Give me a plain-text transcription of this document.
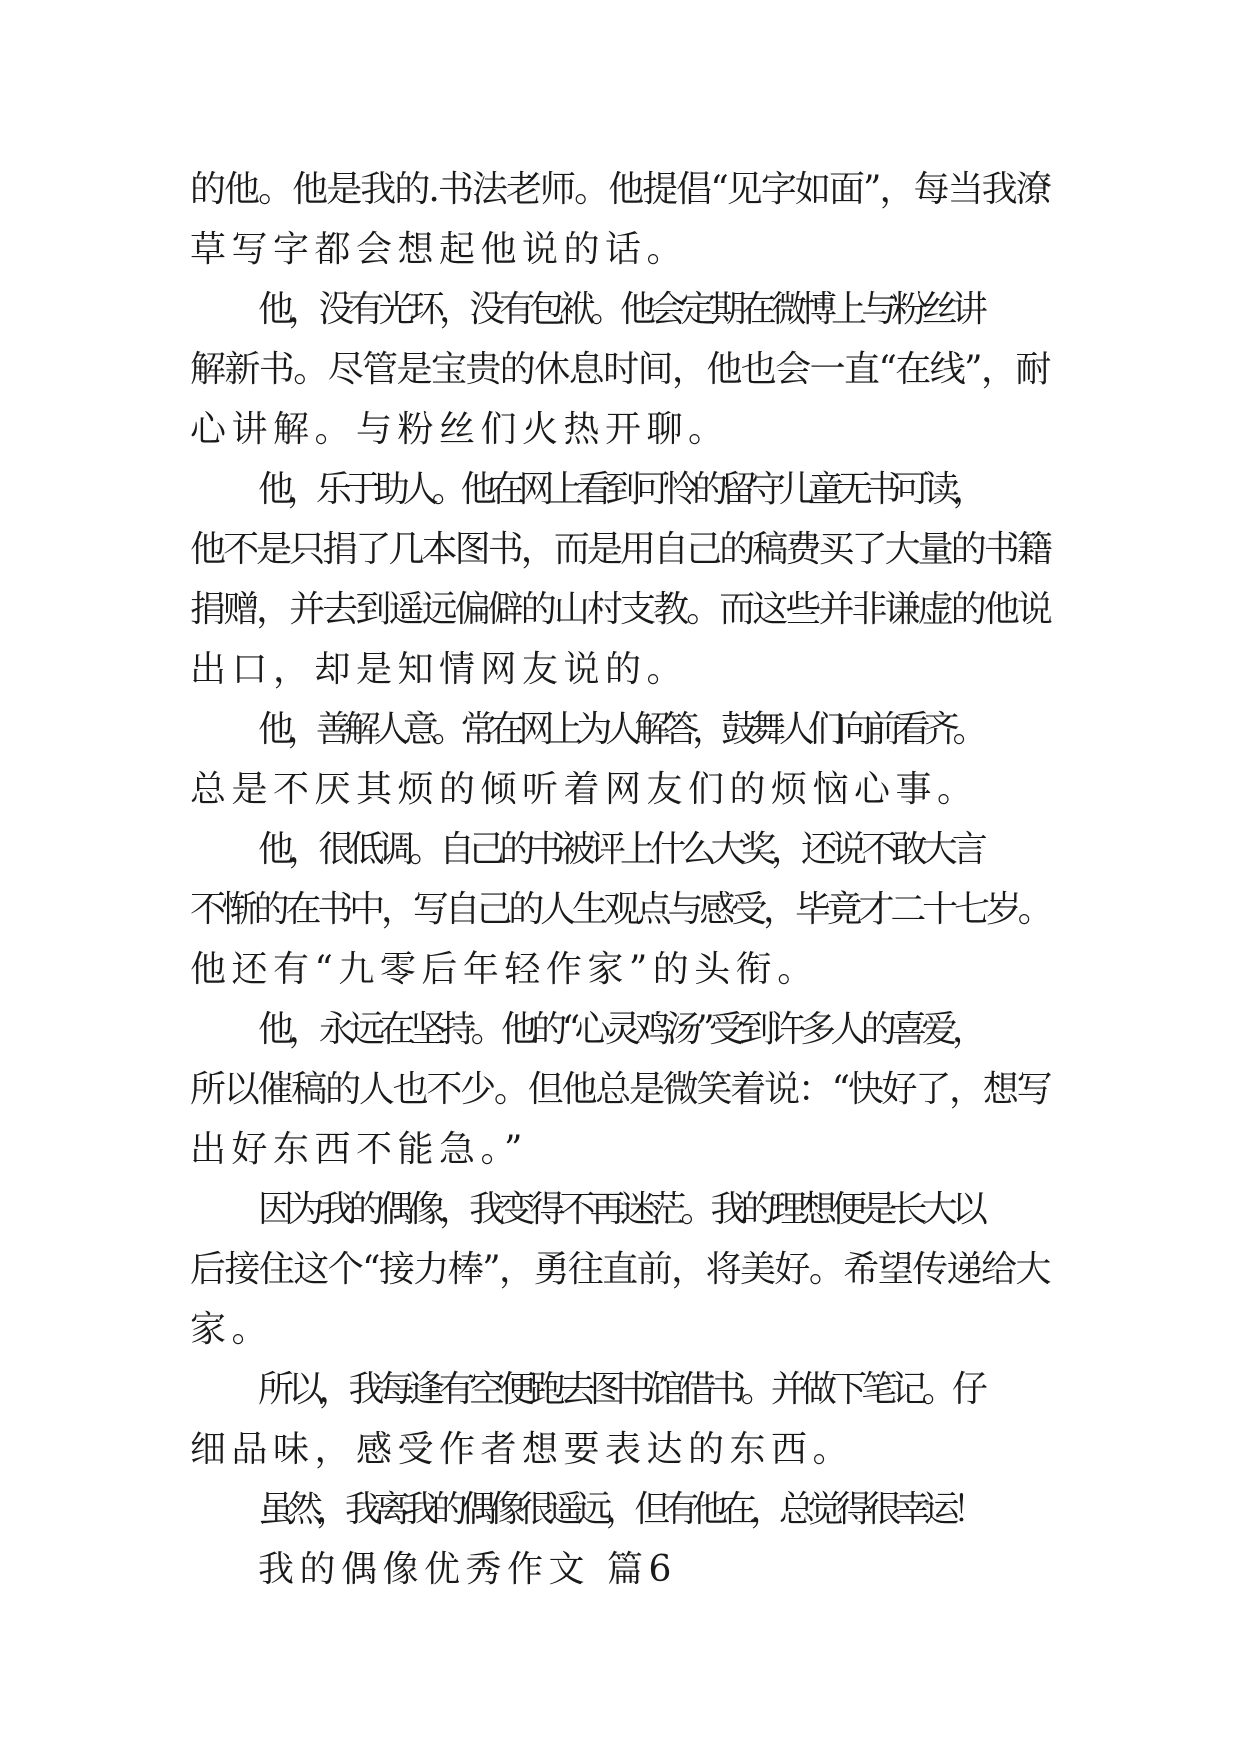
的他。他是我的.书法老师。他提倡“见字如面”，每当我潦
草写字都会想起他说的话。

他，没有光环，没有包袱。他会定期在微博上与粉丝讲
解新书。尽管是宝贵的休息时间，他也会一直“在线”，耐
心讲解。与粉丝们火热开聊。

他，乐于助人。他在网上看到可怜的留守儿童无书可读，
他不是只捐了几本图书，而是用自己的稿费买了大量的书籍
捐赠，并去到遥远偏僻的山村支教。而这些并非谦虚的他说
出口，却是知情网友说的。

他，善解人意。常在网上为人解答，鼓舞人们向前看齐。
总是不厌其烦的倾听着网友们的烦恼心事。

他，很低调。自己的书被评上什么大奖，还说不敢大言
不惭的在书中，写自己的人生观点与感受，毕竟才二十七岁。
他还有“九零后年轻作家”的头衔。

他，永远在坚持。他的“心灵鸡汤”受到许多人的喜爱，
所以催稿的人也不少。但他总是微笑着说：“快好了，想写
出好东西不能急。”

因为我的偶像，我变得不再迷茫。我的理想便是长大以
后接住这个“接力棒”，勇往直前，将美好。希望传递给大
家。

所以，我每逢有空便跑去图书馆借书。并做下笔记。仔
细品味，感受作者想要表达的东西。

虽然，我离我的偶像很遥远，但有他在，总觉得很幸运！

我的偶像优秀作文 篇6
